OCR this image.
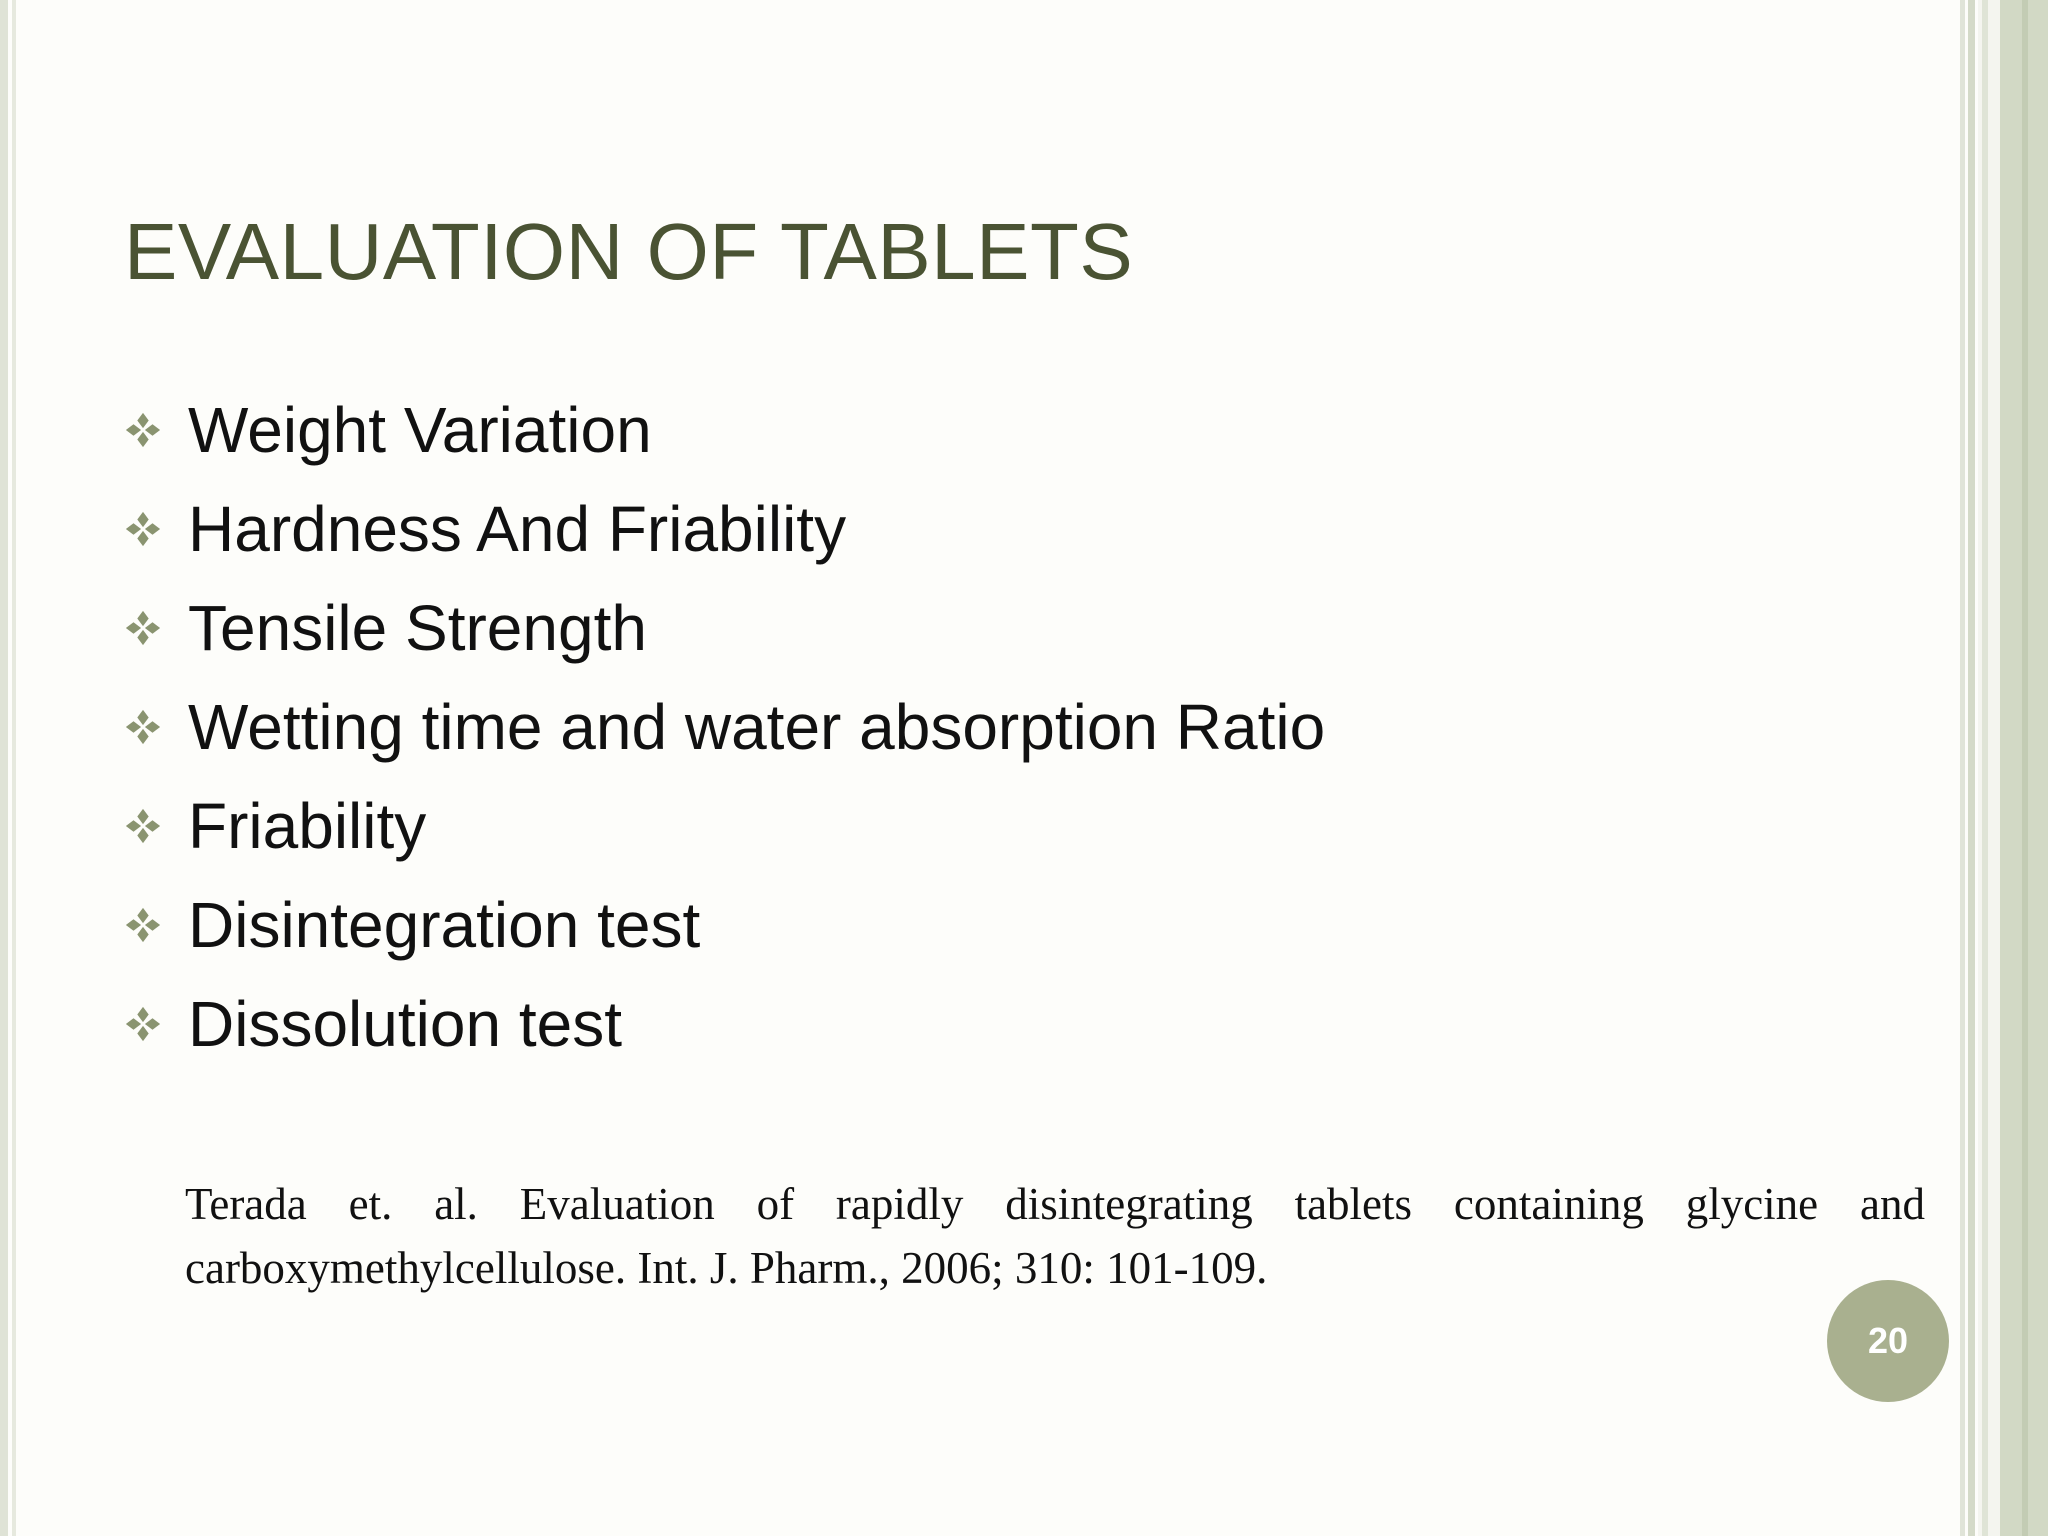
EVALUATION OF TABLETS
Weight Variation
Hardness And Friability
Tensile Strength
Wetting time and water absorption Ratio
Friability
Disintegration test
Dissolution test
Terada et. al. Evaluation of rapidly disintegrating tablets containing glycine and carboxymethylcellulose. Int. J. Pharm., 2006; 310: 101-109.
20
